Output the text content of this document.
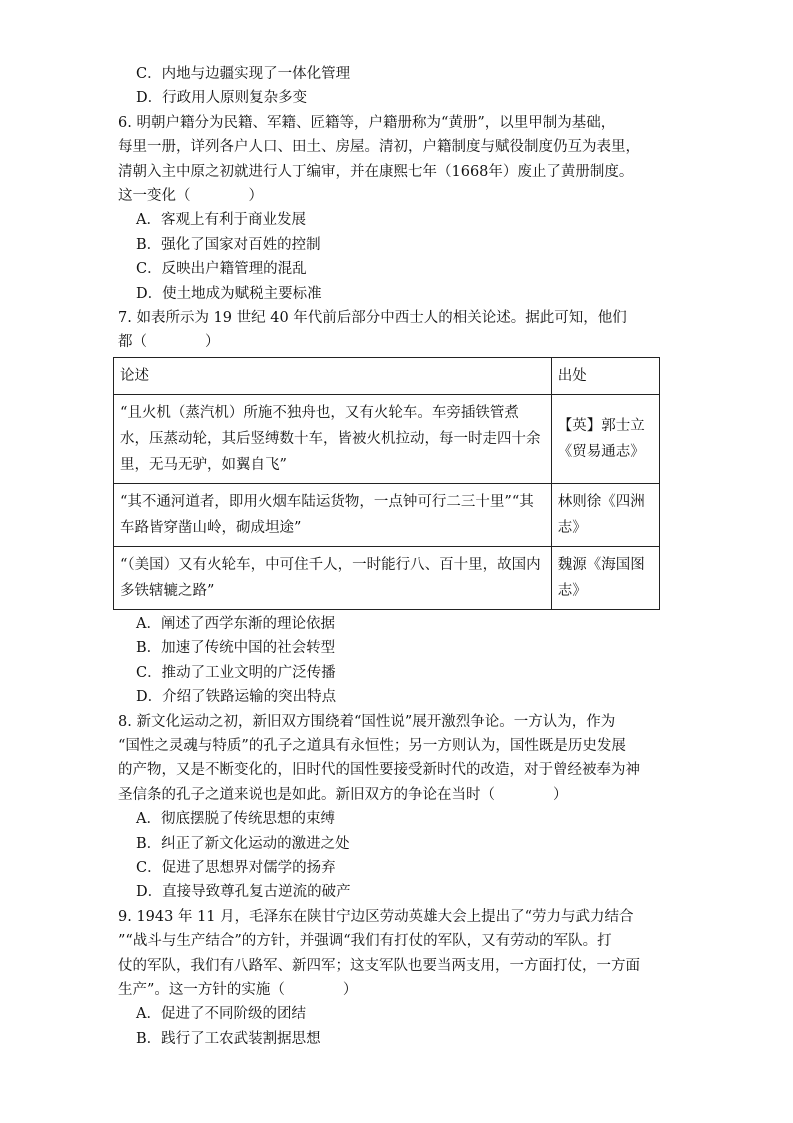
C．内地与边疆实现了一体化管理
D．行政用人原则复杂多变
6. 明朝户籍分为民籍、军籍、匠籍等，户籍册称为“黄册”，以里甲制为基础，
每里一册，详列各户人口、田土、房屋。清初，户籍制度与赋役制度仍互为表里，
清朝入主中原之初就进行人丁编审，并在康熙七年（1668年）废止了黄册制度。
这一变化（　　　　）
A．客观上有利于商业发展
B．强化了国家对百姓的控制
C．反映出户籍管理的混乱
D．使土地成为赋税主要标准
7. 如表所示为 19 世纪 40 年代前后部分中西士人的相关论述。据此可知，他们
都（　　　　）
论述	出处
“且火机（蒸汽机）所施不独舟也，又有火轮车。车旁插铁管煮水，压蒸动轮，其后竖缚数十车，皆被火机拉动，每一时走四十余里，无马无驴，如翼自飞”	【英】郭士立《贸易通志》
“其不通河道者，即用火烟车陆运货物，一点钟可行二三十里”“其车路皆穿凿山岭，砌成坦途”	林则徐《四洲志》
“（美国）又有火轮车，中可住千人，一时能行八、百十里，故国内多铁辖辘之路”	魏源《海国图志》
A．阐述了西学东渐的理论依据
B．加速了传统中国的社会转型
C．推动了工业文明的广泛传播
D．介绍了铁路运输的突出特点
8. 新文化运动之初，新旧双方围绕着“国性说”展开激烈争论。一方认为，作为
“国性之灵魂与特质”的孔子之道具有永恒性；另一方则认为，国性既是历史发展
的产物，又是不断变化的，旧时代的国性要接受新时代的改造，对于曾经被奉为神
圣信条的孔子之道来说也是如此。新旧双方的争论在当时（　　　　）
A．彻底摆脱了传统思想的束缚
B．纠正了新文化运动的激进之处
C．促进了思想界对儒学的扬弃
D．直接导致尊孔复古逆流的破产
9. 1943 年 11 月，毛泽东在陕甘宁边区劳动英雄大会上提出了“劳力与武力结合
”“战斗与生产结合”的方针，并强调“我们有打仗的军队，又有劳动的军队。打
仗的军队，我们有八路军、新四军；这支军队也要当两支用，一方面打仗，一方面
生产”。这一方针的实施（　　　　）
A．促进了不同阶级的团结
B．践行了工农武装割据思想
